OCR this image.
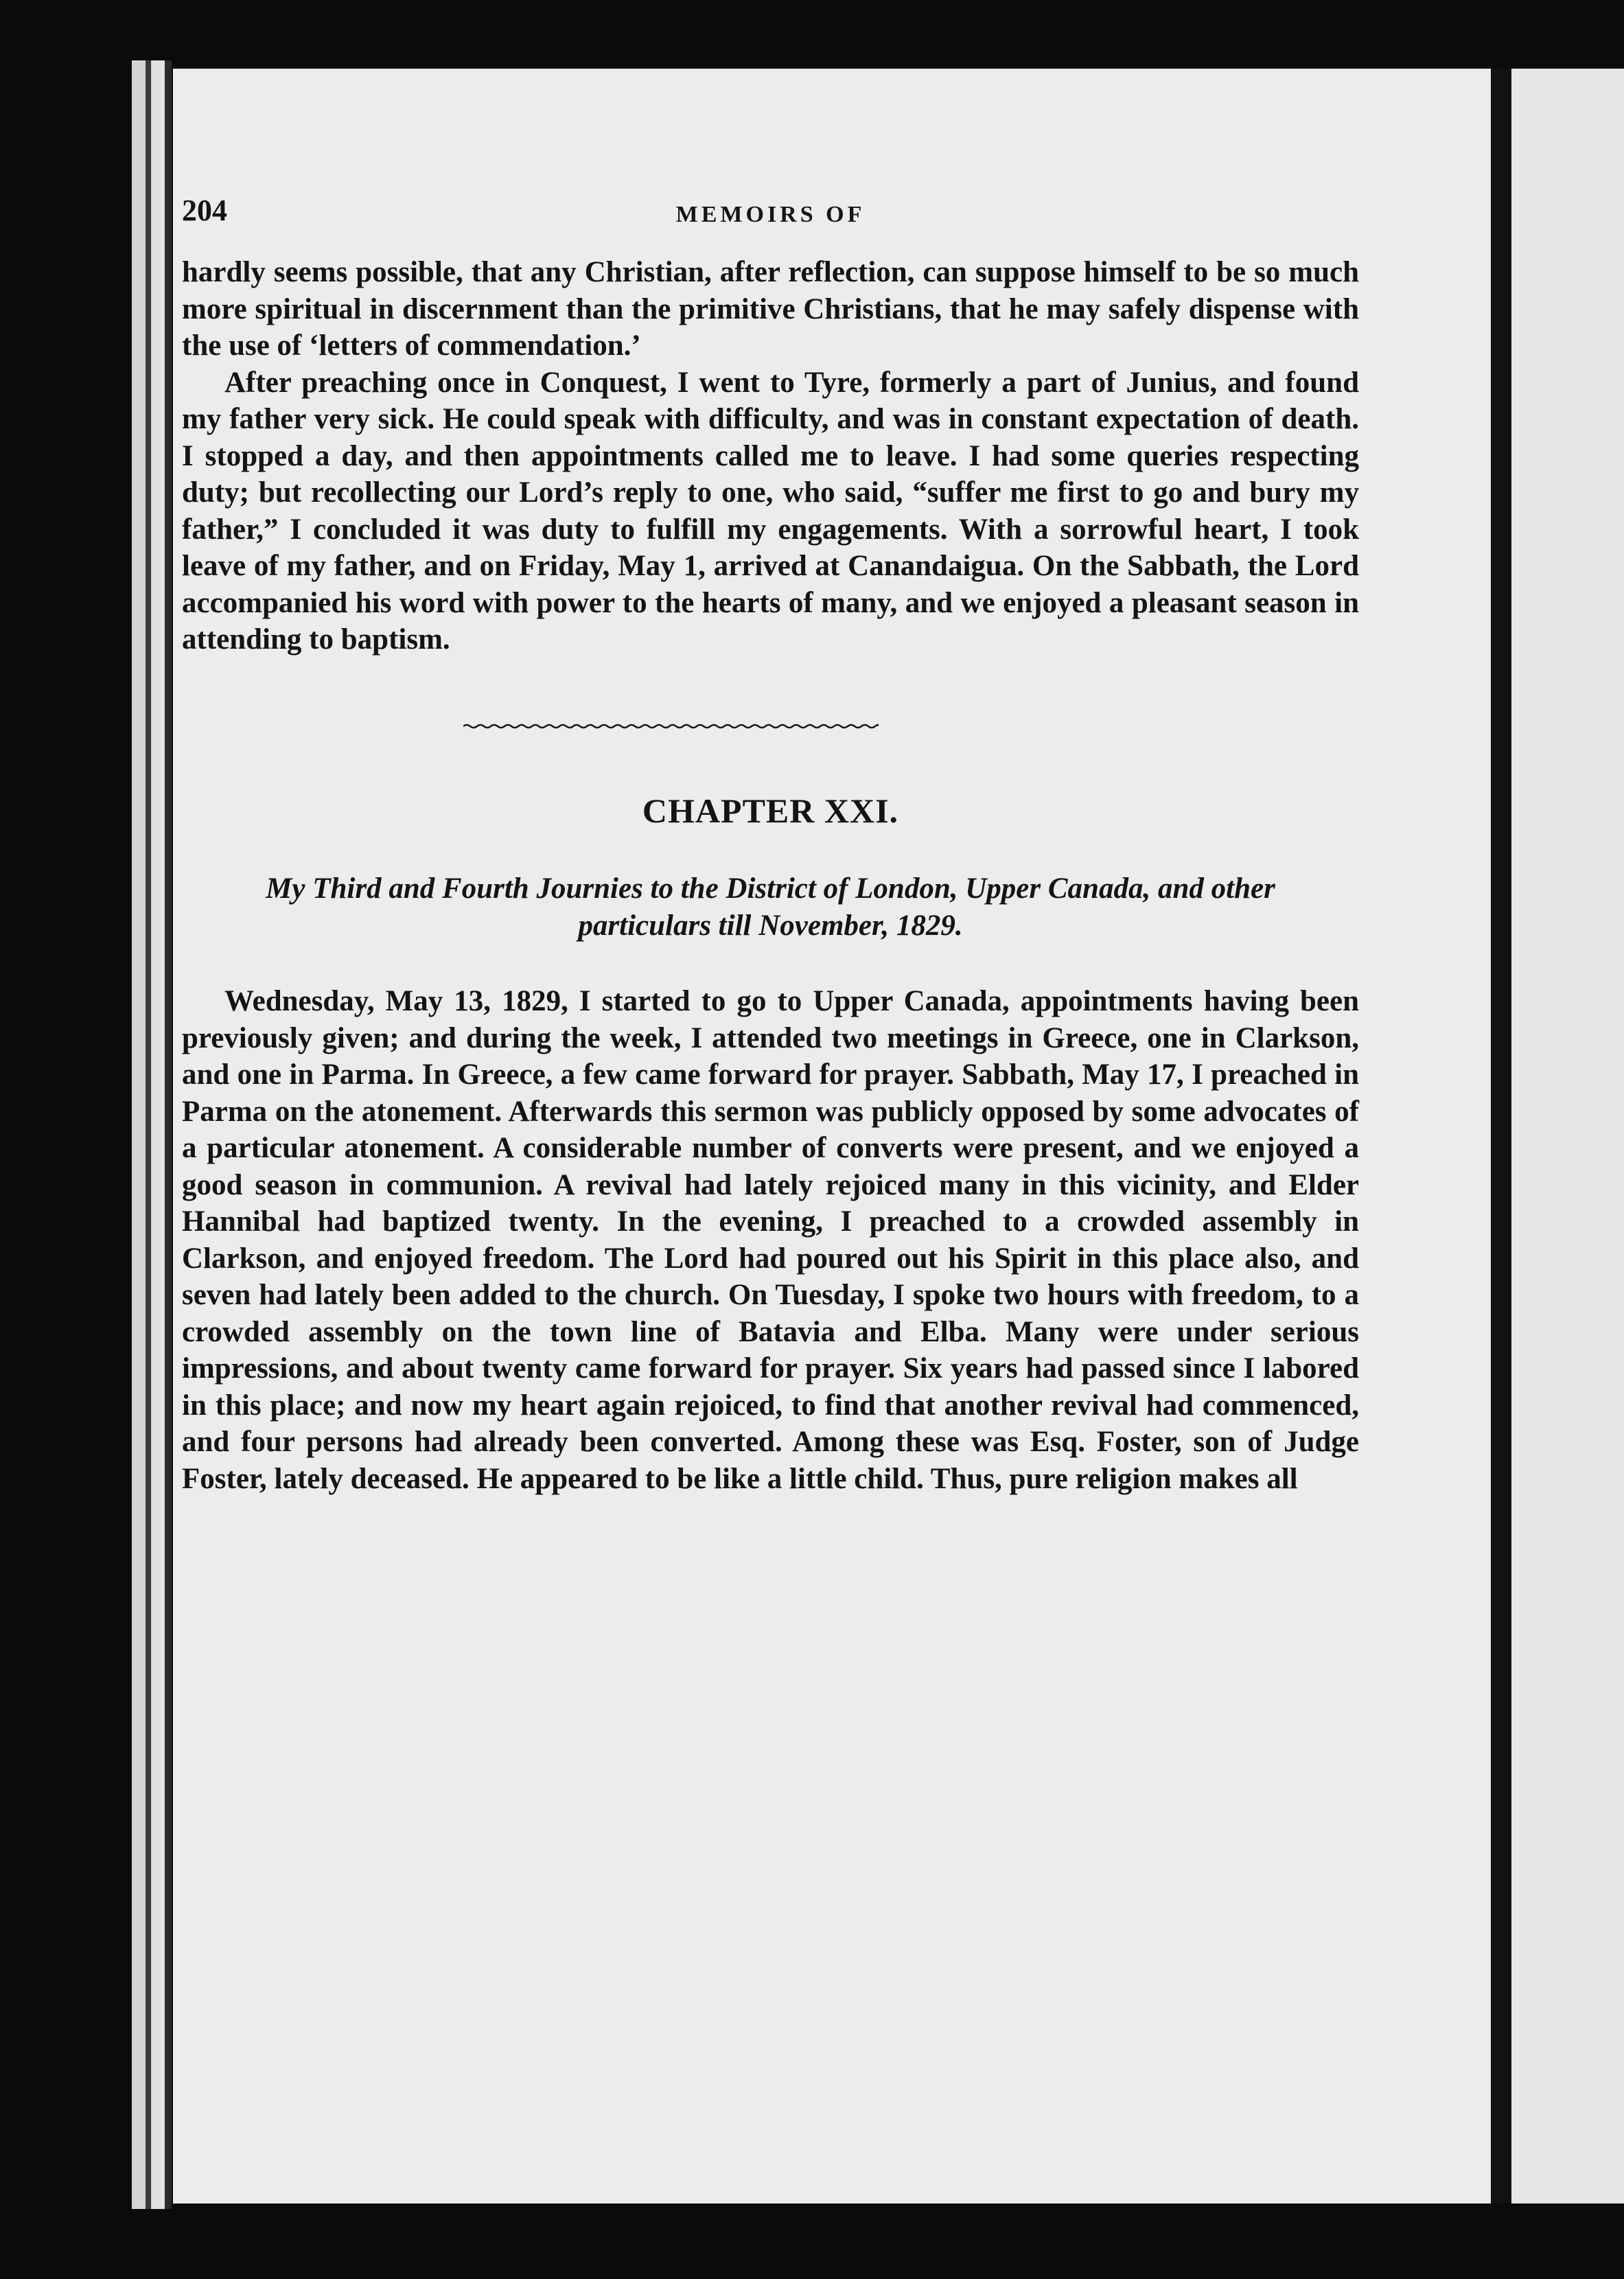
204	MEMOIRS OF

hardly seems possible, that any Christian, after reflection, can suppose himself to be so much more spiritual in discernment than the primitive Christians, that he may safely dispense with the use of ‘letters of commendation.’

After preaching once in Conquest, I went to Tyre, formerly a part of Junius, and found my father very sick. He could speak with difficulty, and was in constant expectation of death. I stopped a day, and then appointments called me to leave. I had some queries respecting duty; but recollecting our Lord’s reply to one, who said, “suffer me first to go and bury my father,” I concluded it was duty to fulfill my engagements. With a sorrowful heart, I took leave of my father, and on Friday, May 1, arrived at Canandaigua. On the Sabbath, the Lord accompanied his word with power to the hearts of many, and we enjoyed a pleasant season in attending to baptism.

CHAPTER XXI.

My Third and Fourth Journies to the District of London, Upper Canada, and other particulars till November, 1829.

Wednesday, May 13, 1829, I started to go to Upper Canada, appointments having been previously given; and during the week, I attended two meetings in Greece, one in Clarkson, and one in Parma. In Greece, a few came forward for prayer. Sabbath, May 17, I preached in Parma on the atonement. Afterwards this sermon was publicly opposed by some advocates of a particular atonement. A considerable number of converts were present, and we enjoyed a good season in communion. A revival had lately rejoiced many in this vicinity, and Elder Hannibal had baptized twenty. In the evening, I preached to a crowded assembly in Clarkson, and enjoyed freedom. The Lord had poured out his Spirit in this place also, and seven had lately been added to the church. On Tuesday, I spoke two hours with freedom, to a crowded assembly on the town line of Batavia and Elba. Many were under serious impressions, and about twenty came forward for prayer. Six years had passed since I labored in this place; and now my heart again rejoiced, to find that another revival had commenced, and four persons had already been converted. Among these was Esq. Foster, son of Judge Foster, lately deceased. He appeared to be like a little child. Thus, pure religion makes all
